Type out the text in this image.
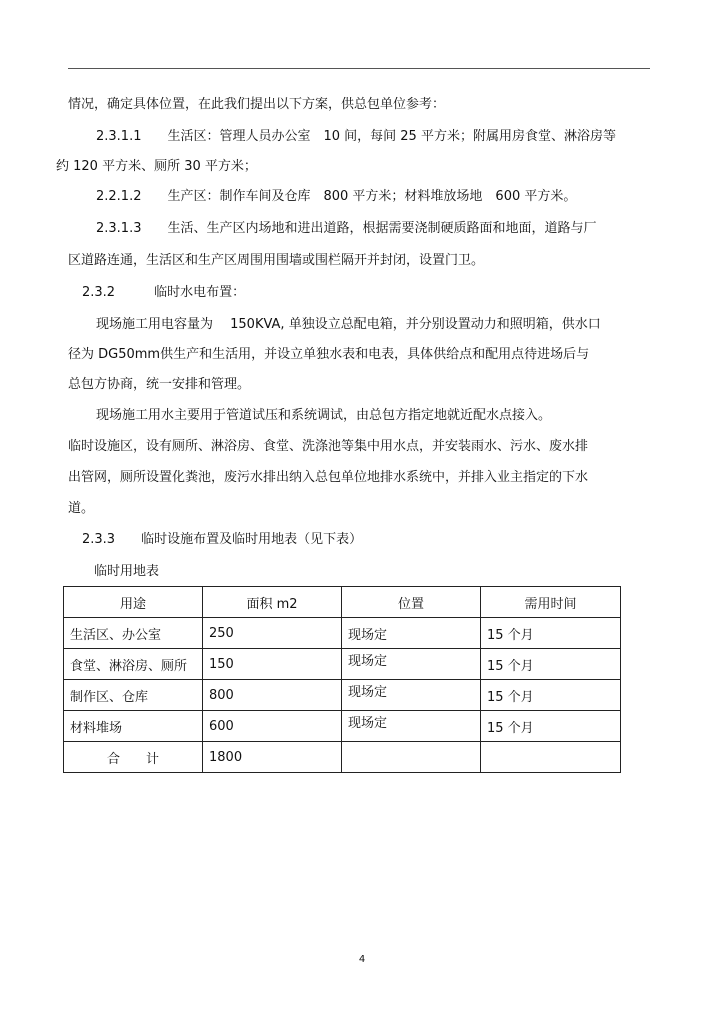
情况，确定具体位置，在此我们提出以下方案，供总包单位参考：
2.3.1.1　　生活区：管理人员办公室　10 间，每间 25 平方米；附属用房食堂、淋浴房等
约 120 平方米、厕所 30 平方米；
2.2.1.2　　生产区：制作车间及仓库　800 平方米；材料堆放场地　600 平方米。
2.3.1.3　　生活、生产区内场地和进出道路，根据需要浇制硬质路面和地面，道路与厂
区道路连通，生活区和生产区周围用围墙或围栏隔开并封闭，设置门卫。
2.3.2　　　临时水电布置：
现场施工用电容量为　 150KVA, 单独设立总配电箱，并分别设置动力和照明箱，供水口
径为 DG50mm供生产和生活用，并设立单独水表和电表，具体供给点和配用点待进场后与
总包方协商，统一安排和管理。
现场施工用水主要用于管道试压和系统调试，由总包方指定地就近配水点接入。
临时设施区，设有厕所、淋浴房、食堂、洗涤池等集中用水点，并安装雨水、污水、废水排
出管网，厕所设置化粪池，废污水排出纳入总包单位地排水系统中，并排入业主指定的下水
道。
2.3.3　　临时设施布置及临时用地表（见下表）
临时用地表
用途	面积 m2	位置	需用时间
生活区、办公室	250	现场定	15 个月
食堂、淋浴房、厕所	150	现场定	15 个月
制作区、仓库	800	现场定	15 个月
材料堆场	600	现场定	15 个月
合　　计	1800		
4
